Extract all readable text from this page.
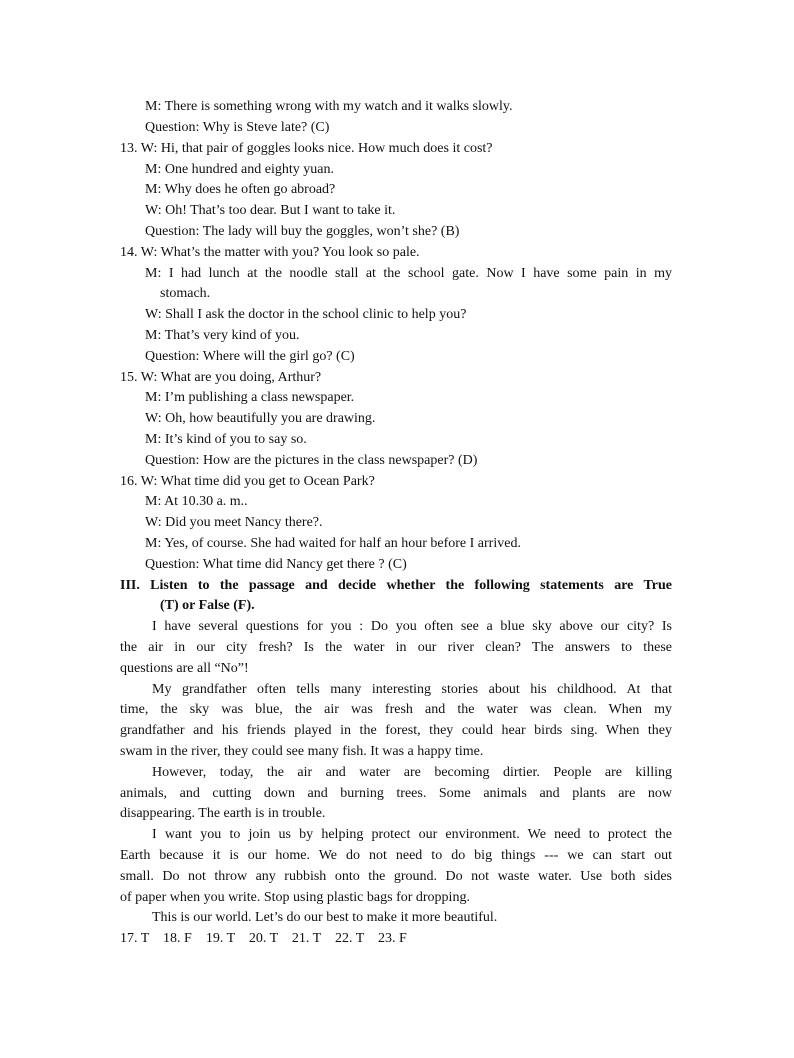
M: There is something wrong with my watch and it walks slowly.
Question: Why is Steve late? (C)
13. W: Hi, that pair of goggles looks nice. How much does it cost?
M: One hundred and eighty yuan.
M: Why does he often go abroad?
W: Oh! That’s too dear. But I want to take it.
Question: The lady will buy the goggles, won’t she? (B)
14. W: What’s the matter with you? You look so pale.
M: I had lunch at the noodle stall at the school gate. Now I have some pain in my
stomach.
W: Shall I ask the doctor in the school clinic to help you?
M: That’s very kind of you.
Question: Where will the girl go? (C)
15. W: What are you doing, Arthur?
M: I’m publishing a class newspaper.
W: Oh, how beautifully you are drawing.
M: It’s kind of you to say so.
Question: How are the pictures in the class newspaper? (D)
16. W: What time did you get to Ocean Park?
M: At 10.30 a. m..
W: Did you meet Nancy there?.
M: Yes, of course. She had waited for half an hour before I arrived.
Question: What time did Nancy get there ? (C)
III. Listen to the passage and decide whether the following statements are True
(T) or False (F).
I have several questions for you : Do you often see a blue sky above our city? Is
the air in our city fresh? Is the water in our river clean? The answers to these
questions are all “No”!
My grandfather often tells many interesting stories about his childhood. At that
time, the sky was blue, the air was fresh and the water was clean. When my
grandfather and his friends played in the forest, they could hear birds sing. When they
swam in the river, they could see many fish. It was a happy time.
However, today, the air and water are becoming dirtier. People are killing
animals, and cutting down and burning trees. Some animals and plants are now
disappearing. The earth is in trouble.
I want you to join us by helping protect our environment. We need to protect the
Earth because it is our home. We do not need to do big things --- we can start out
small. Do not throw any rubbish onto the ground. Do not waste water. Use both sides
of paper when you write. Stop using plastic bags for dropping.
This is our world. Let’s do our best to make it more beautiful.
17. T    18. F    19. T    20. T    21. T    22. T    23. F
